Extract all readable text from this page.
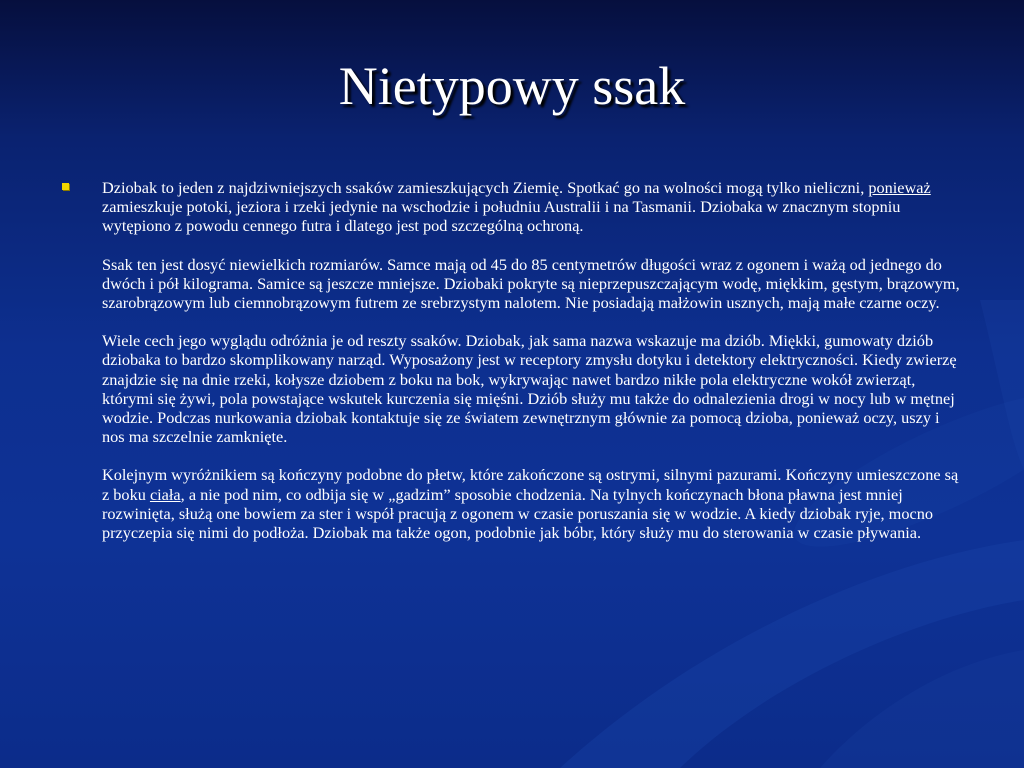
Nietypowy ssak

Dziobak to jeden z najdziwniejszych ssaków zamieszkujących Ziemię. Spotkać go na wolności mogą tylko nieliczni, ponieważ zamieszkuje potoki, jeziora i rzeki jedynie na wschodzie i południu Australii i na Tasmanii. Dziobaka w znacznym stopniu wytępiono z powodu cennego futra i dlatego jest pod szczególną ochroną.

Ssak ten jest dosyć niewielkich rozmiarów. Samce mają od 45 do 85 centymetrów długości wraz z ogonem i ważą od jednego do dwóch i pół kilograma. Samice są jeszcze mniejsze. Dziobaki pokryte są nieprzepuszczającym wodę, miękkim, gęstym, brązowym, szarobrązowym lub ciemnobrązowym futrem ze srebrzystym nalotem. Nie posiadają małżowin usznych, mają małe czarne oczy.

Wiele cech jego wyglądu odróżnia je od reszty ssaków. Dziobak, jak sama nazwa wskazuje ma dziób. Miękki, gumowaty dziób dziobaka to bardzo skomplikowany narząd. Wyposażony jest w receptory zmysłu dotyku i detektory elektryczności. Kiedy zwierzę znajdzie się na dnie rzeki, kołysze dziobem z boku na bok, wykrywając nawet bardzo nikłe pola elektryczne wokół zwierząt, którymi się żywi, pola powstające wskutek kurczenia się mięśni. Dziób służy mu także do odnalezienia drogi w nocy lub w mętnej wodzie. Podczas nurkowania dziobak kontaktuje się ze światem zewnętrznym głównie za pomocą dzioba, ponieważ oczy, uszy i nos ma szczelnie zamknięte.

Kolejnym wyróżnikiem są kończyny podobne do płetw, które zakończone są ostrymi, silnymi pazurami. Kończyny umieszczone są z boku ciała, a nie pod nim, co odbija się w „gadzim” sposobie chodzenia. Na tylnych kończynach błona pławna jest mniej rozwinięta, służą one bowiem za ster i współ pracują z ogonem w czasie poruszania się w wodzie. A kiedy dziobak ryje, mocno przyczepia się nimi do podłoża. Dziobak ma także ogon, podobnie jak bóbr, który służy mu do sterowania w czasie pływania.
